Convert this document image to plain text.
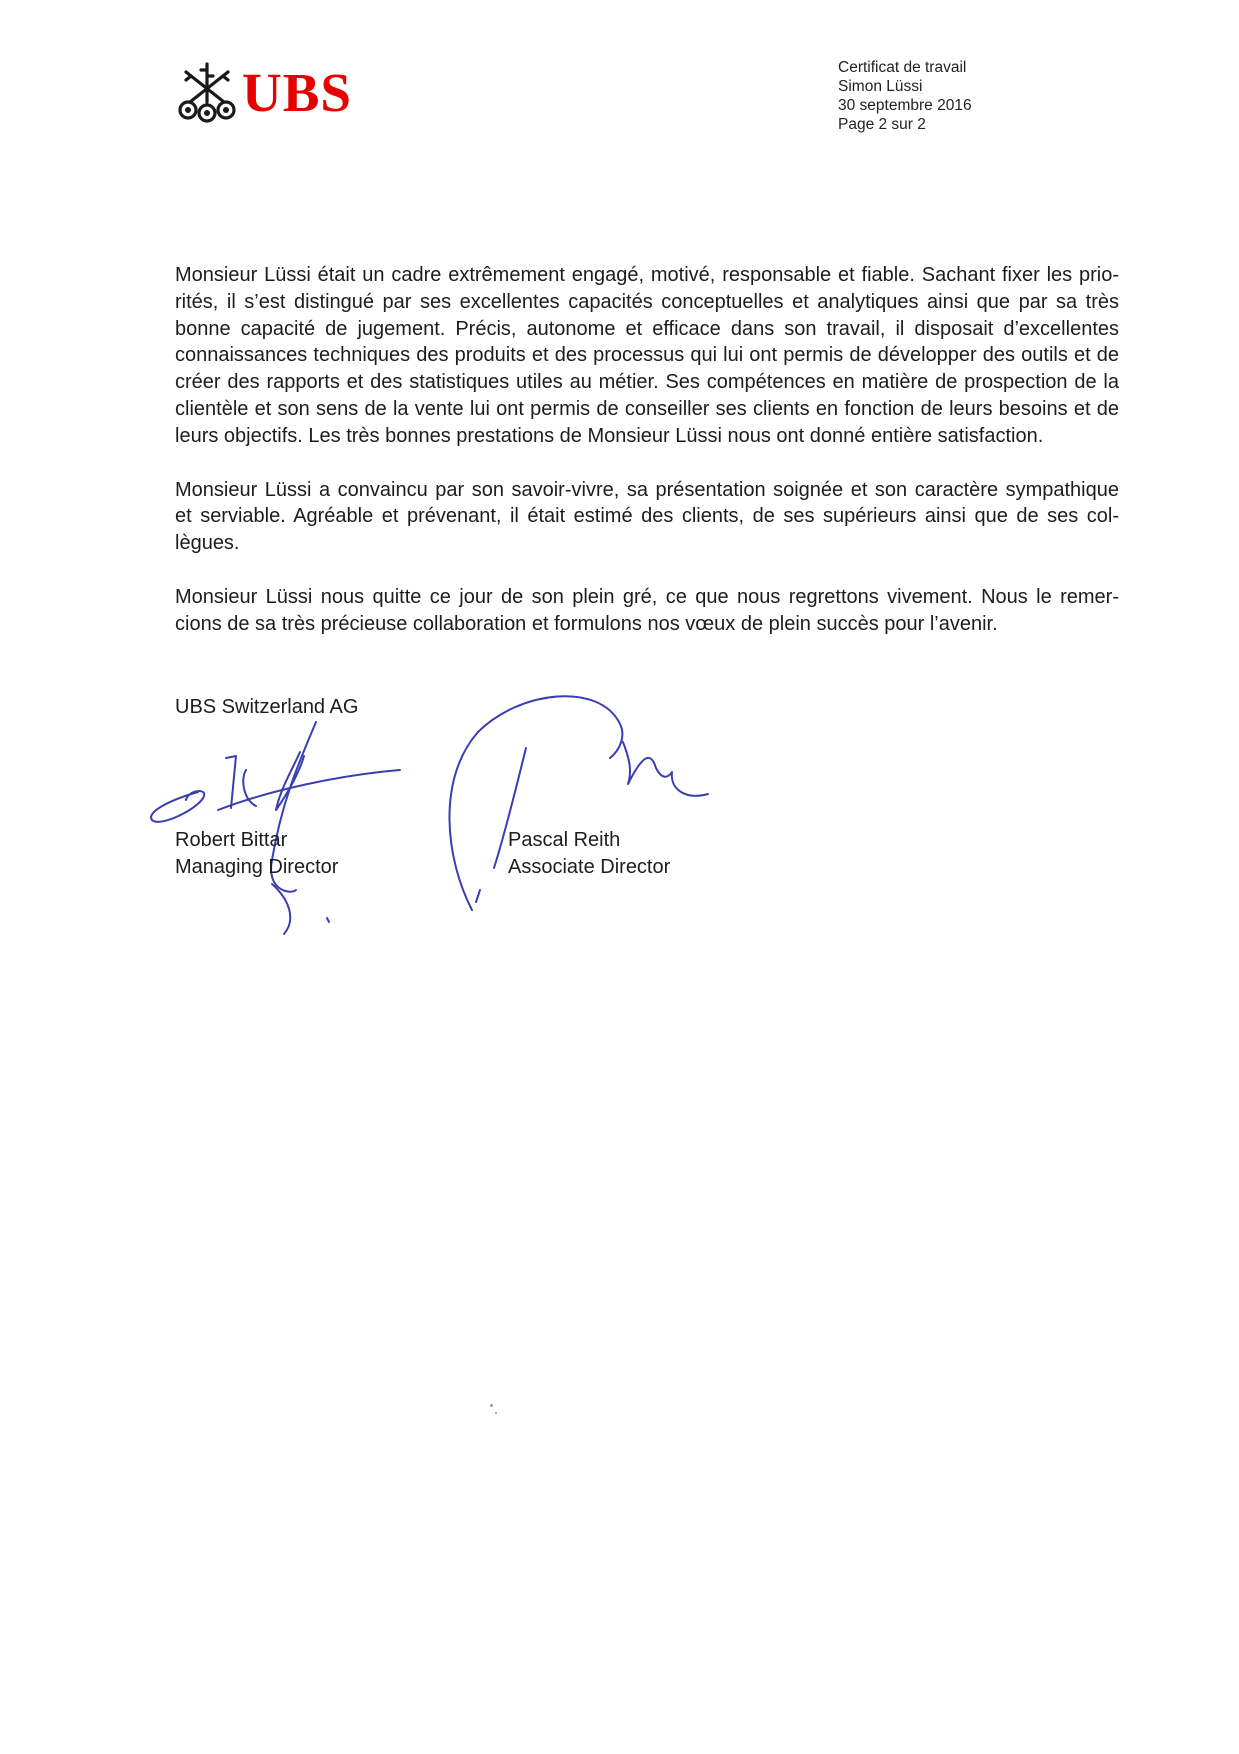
UBS	Certificat de travail
Simon Lüssi
30 septembre 2016
Page 2 sur 2
Monsieur Lüssi était un cadre extrêmement engagé, motivé, responsable et fiable. Sachant fixer les prio-
rités, il s’est distingué par ses excellentes capacités conceptuelles et analytiques ainsi que par sa très
bonne capacité de jugement. Précis, autonome et efficace dans son travail, il disposait d’excellentes
connaissances techniques des produits et des processus qui lui ont permis de développer des outils et de
créer des rapports et des statistiques utiles au métier. Ses compétences en matière de prospection de la
clientèle et son sens de la vente lui ont permis de conseiller ses clients en fonction de leurs besoins et de
leurs objectifs. Les très bonnes prestations de Monsieur Lüssi nous ont donné entière satisfaction.
Monsieur Lüssi a convaincu par son savoir-vivre, sa présentation soignée et son caractère sympathique
et serviable. Agréable et prévenant, il était estimé des clients, de ses supérieurs ainsi que de ses col-
lègues.
Monsieur Lüssi nous quitte ce jour de son plein gré, ce que nous regrettons vivement. Nous le remer-
cions de sa très précieuse collaboration et formulons nos vœux de plein succès pour l’avenir.
UBS Switzerland AG
Robert Bittar
Managing Director
Pascal Reith
Associate Director
